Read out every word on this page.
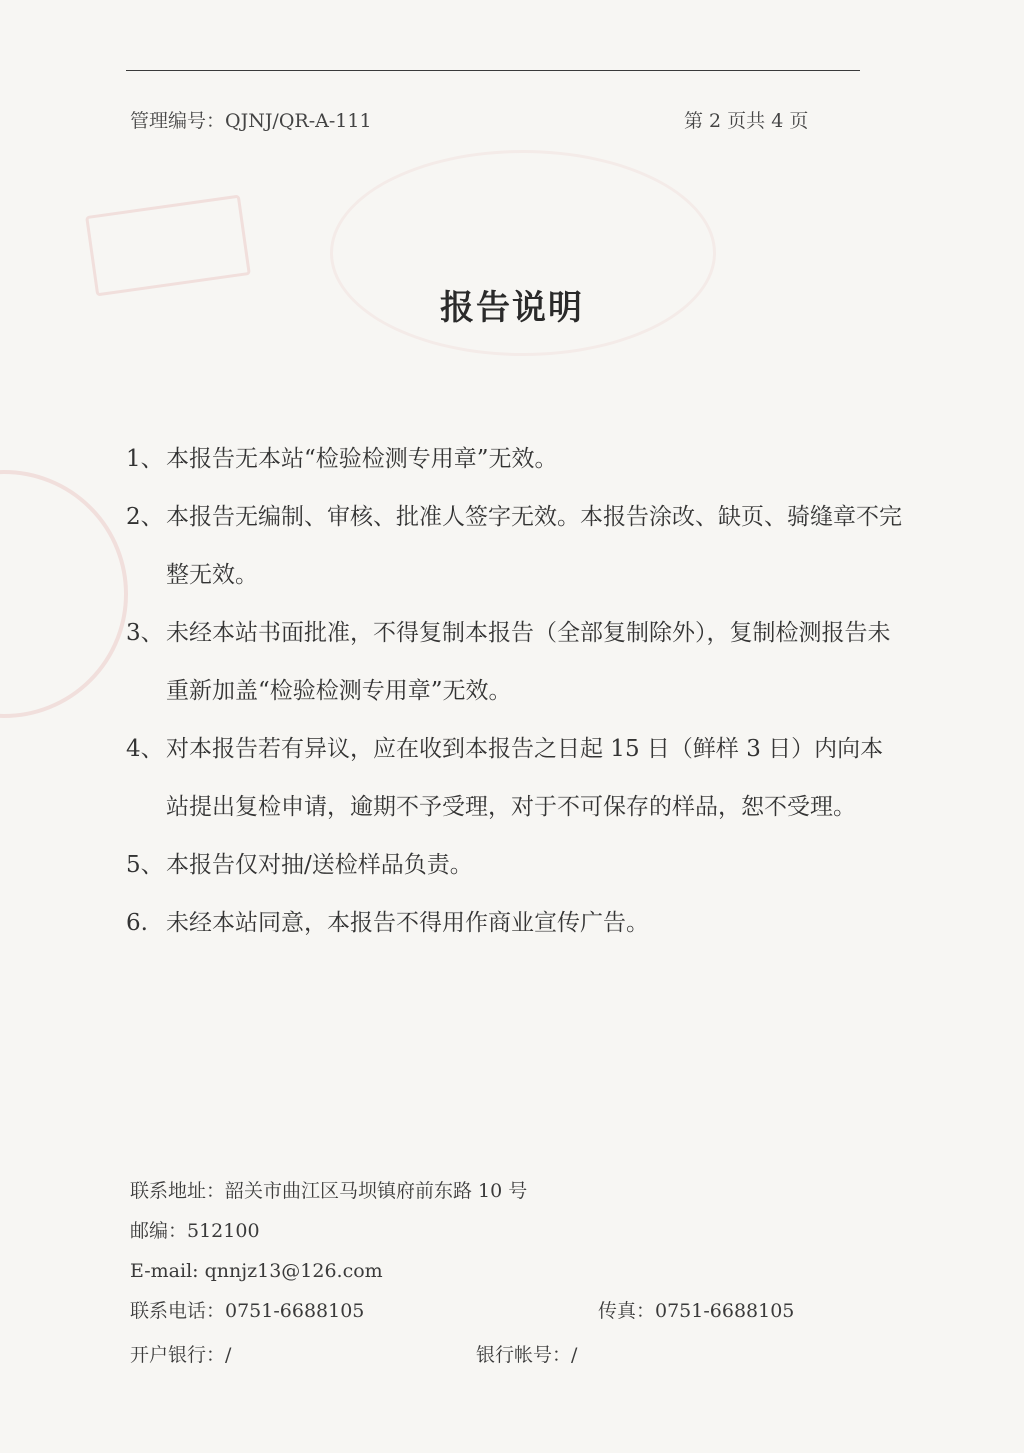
管理编号：QJNJ/QR-A-111	第 2 页共 4 页
报告说明
1、 本报告无本站“检验检测专用章”无效。
2、 本报告无编制、审核、批准人签字无效。本报告涂改、缺页、骑缝章不完整无效。
3、 未经本站书面批准，不得复制本报告（全部复制除外），复制检测报告未重新加盖“检验检测专用章”无效。
4、 对本报告若有异议，应在收到本报告之日起 15 日（鲜样 3 日）内向本站提出复检申请，逾期不予受理，对于不可保存的样品，恕不受理。
5、 本报告仅对抽/送检样品负责。
6. 未经本站同意，本报告不得用作商业宣传广告。
联系地址：韶关市曲江区马坝镇府前东路 10 号
邮编：512100
E-mail: qnnjz13@126.com
联系电话：0751-6688105	传真：0751-6688105
开户银行：/	银行帐号：/
